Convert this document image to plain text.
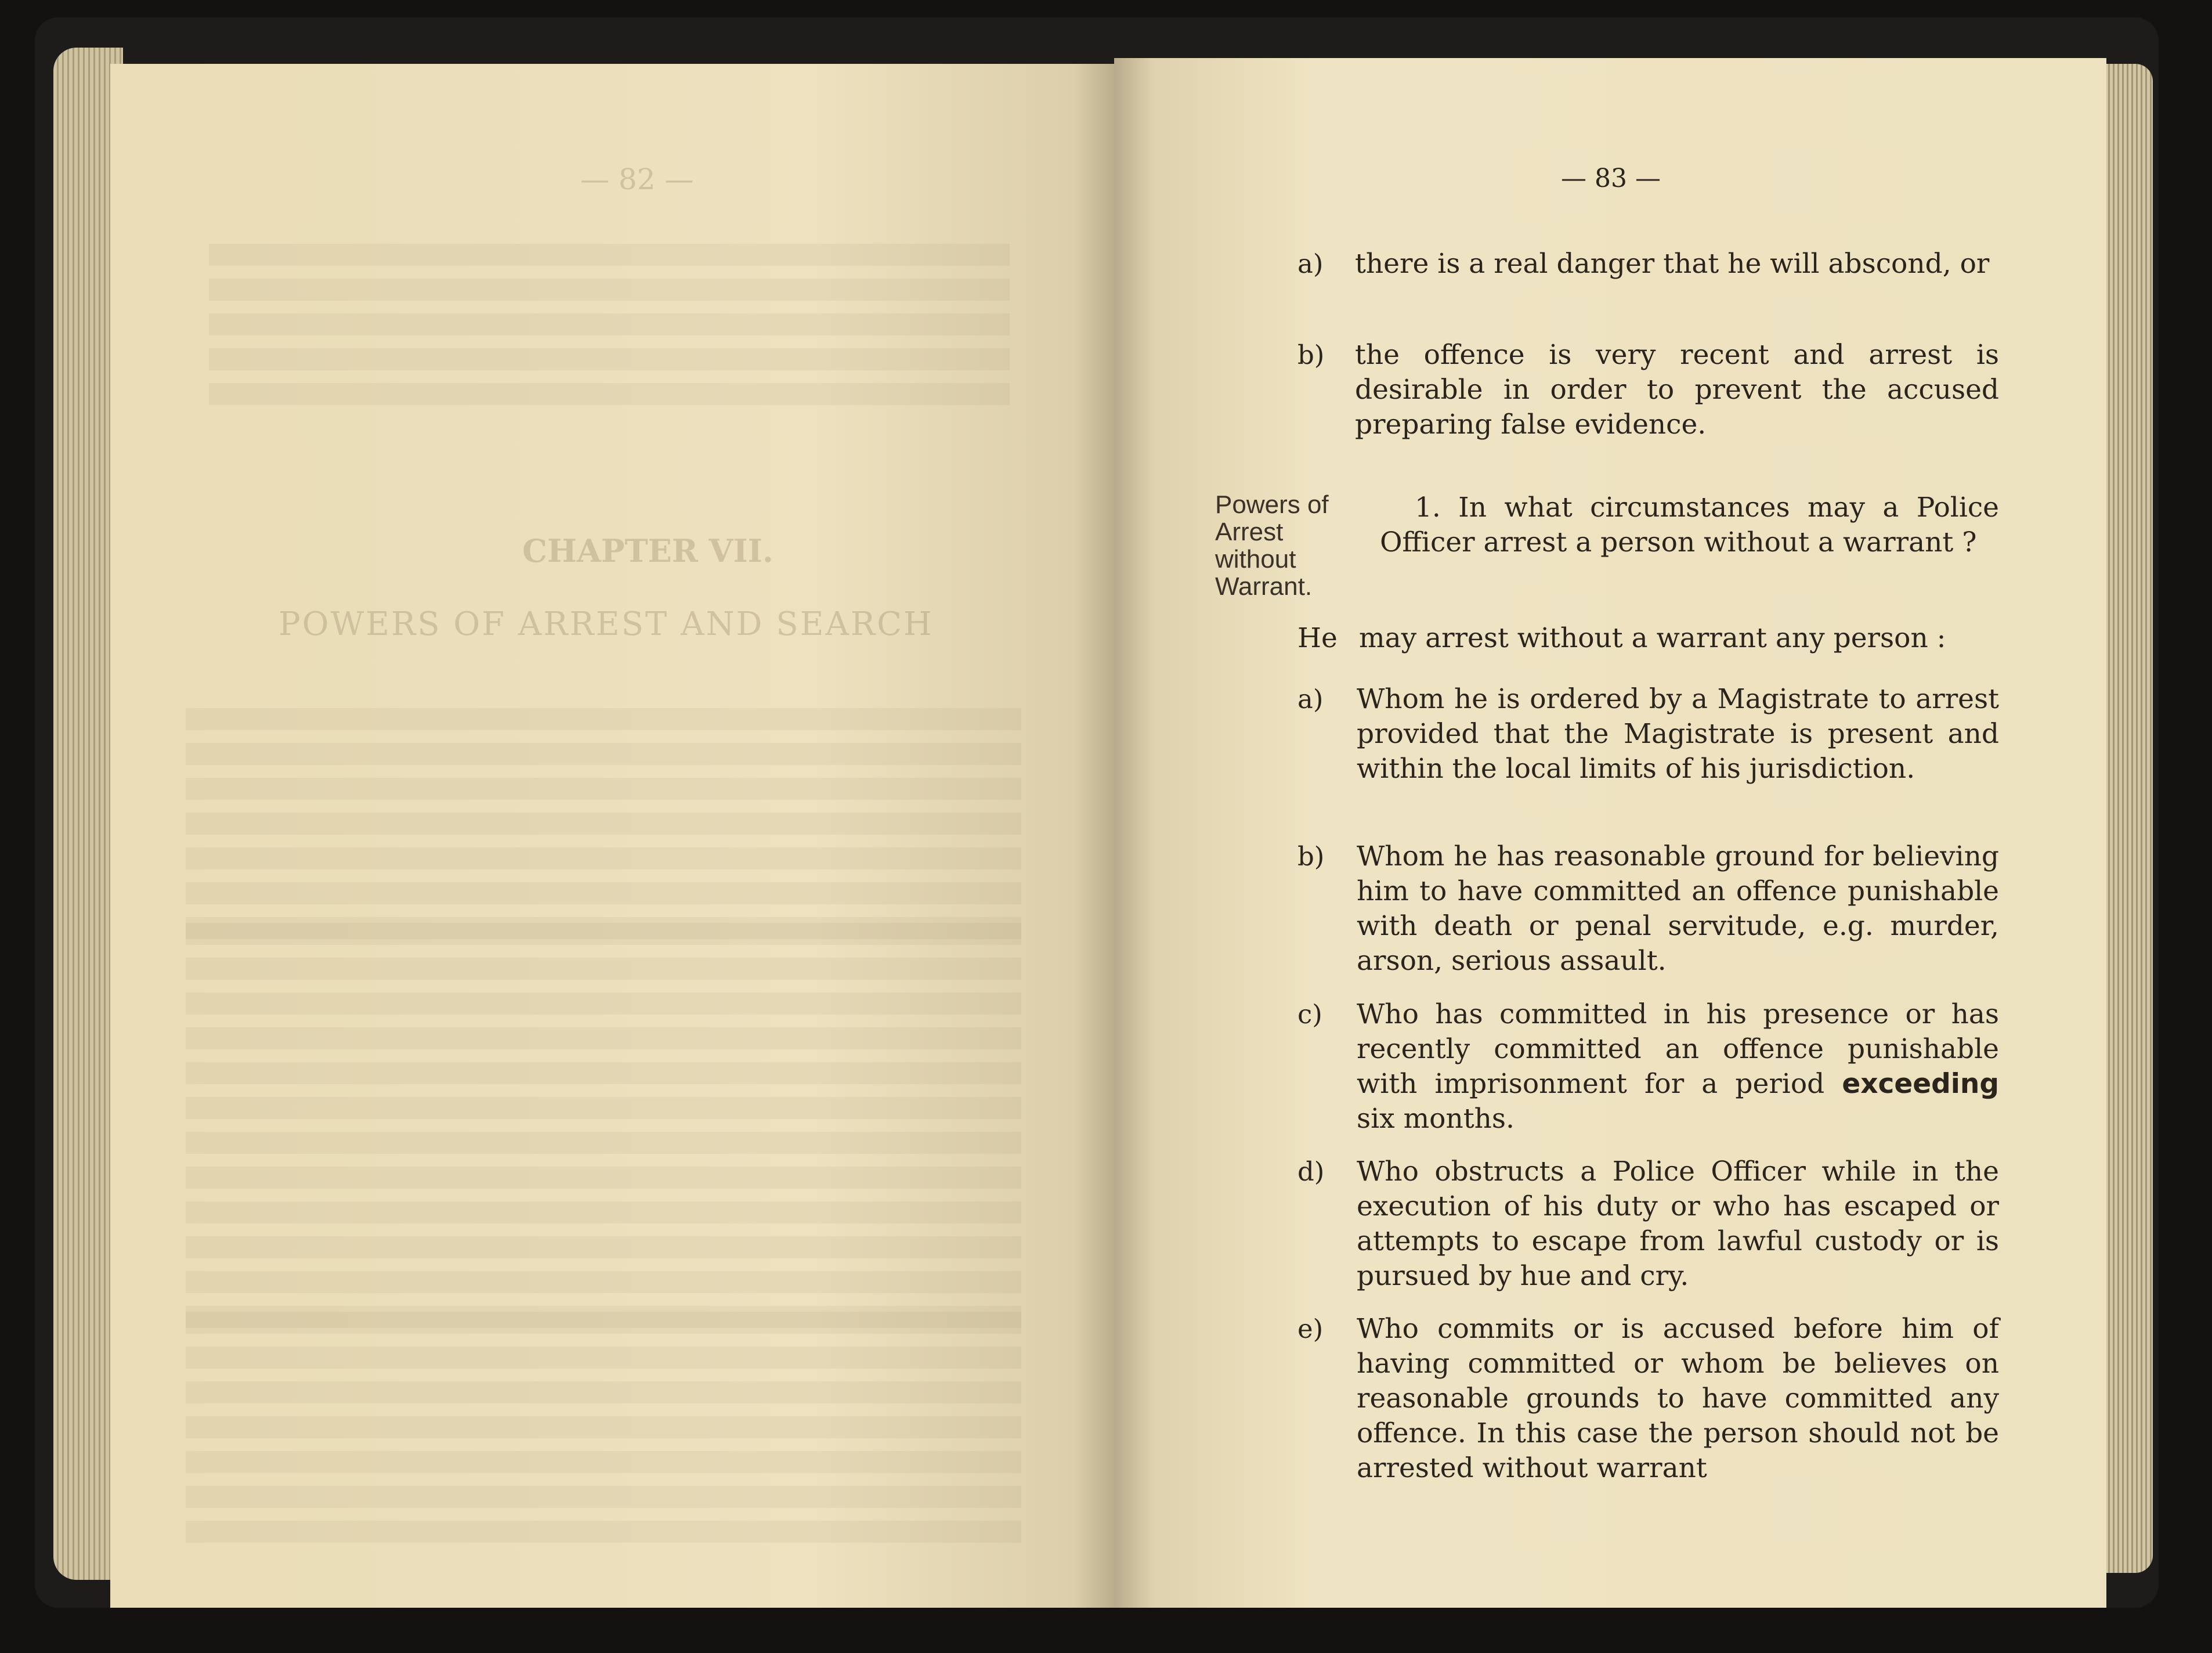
— 82 —
CHAPTER VII.
POWERS OF ARREST AND SEARCH
— 83 —
a) there is a real danger that he will abscond, or
b) the offence is very recent and arrest is desirable in order to prevent the accused preparing false evidence.
Powers of
Arrest
without
Warrant.
1. In what circumstances may a Police Officer arrest a person without a warrant ?
He may arrest without a warrant any person :
a) Whom he is ordered by a Magistrate to arrest provided that the Magistrate is present and within the local limits of his jurisdiction.
b) Whom he has reasonable ground for believing him to have committed an offence punishable with death or penal servitude, e.g. murder, arson, serious assault.
c) Who has committed in his presence or has recently committed an offence punishable with imprisonment for a period exceeding six months.
d) Who obstructs a Police Officer while in the execution of his duty or who has escaped or attempts to escape from lawful custody or is pursued by hue and cry.
e) Who commits or is accused before him of having committed or whom be believes on reasonable grounds to have committed any offence. In this case the person should not be arrested without warrant
